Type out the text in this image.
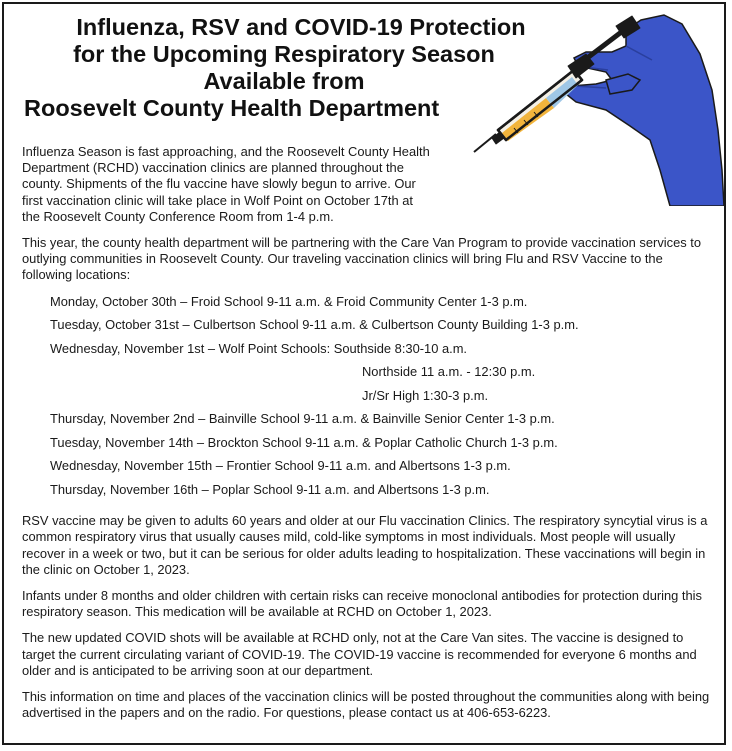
Influenza, RSV and COVID-19 Protection
for the Upcoming Respiratory Season
Available from
Roosevelt County Health Department

Influenza Season is fast approaching, and the Roosevelt County Health Department (RCHD) vaccination clinics are planned throughout the county. Shipments of the flu vaccine have slowly begun to arrive. Our first vaccination clinic will take place in Wolf Point on October 17th at the Roosevelt County Conference Room from 1-4 p.m.

This year, the county health department will be partnering with the Care Van Program to provide vaccination services to outlying communities in Roosevelt County. Our traveling vaccination clinics will bring Flu and RSV Vaccine to the following locations:

Monday, October 30th – Froid School 9-11 a.m. & Froid Community Center 1-3 p.m.
Tuesday, October 31st – Culbertson School 9-11 a.m. & Culbertson County Building 1-3 p.m.
Wednesday, November 1st – Wolf Point Schools: Southside 8:30-10 a.m.
Northside 11 a.m. - 12:30 p.m.
Jr/Sr High 1:30-3 p.m.
Thursday, November 2nd – Bainville School 9-11 a.m. & Bainville Senior Center 1-3 p.m.
Tuesday, November 14th – Brockton School 9-11 a.m. & Poplar Catholic Church 1-3 p.m.
Wednesday, November 15th – Frontier School 9-11 a.m. and Albertsons 1-3 p.m.
Thursday, November 16th – Poplar School 9-11 a.m. and Albertsons 1-3 p.m.

RSV vaccine may be given to adults 60 years and older at our Flu vaccination Clinics. The respiratory syncytial virus is a common respiratory virus that usually causes mild, cold-like symptoms in most individuals. Most people will usually recover in a week or two, but it can be serious for older adults leading to hospitalization. These vaccinations will begin in the clinic on October 1, 2023.

Infants under 8 months and older children with certain risks can receive monoclonal antibodies for protection during this respiratory season. This medication will be available at RCHD on October 1, 2023.

The new updated COVID shots will be available at RCHD only, not at the Care Van sites. The vaccine is designed to target the current circulating variant of COVID-19. The COVID-19 vaccine is recommended for everyone 6 months and older and is anticipated to be arriving soon at our department.

This information on time and places of the vaccination clinics will be posted throughout the communities along with being advertised in the papers and on the radio. For questions, please contact us at 406-653-6223.
